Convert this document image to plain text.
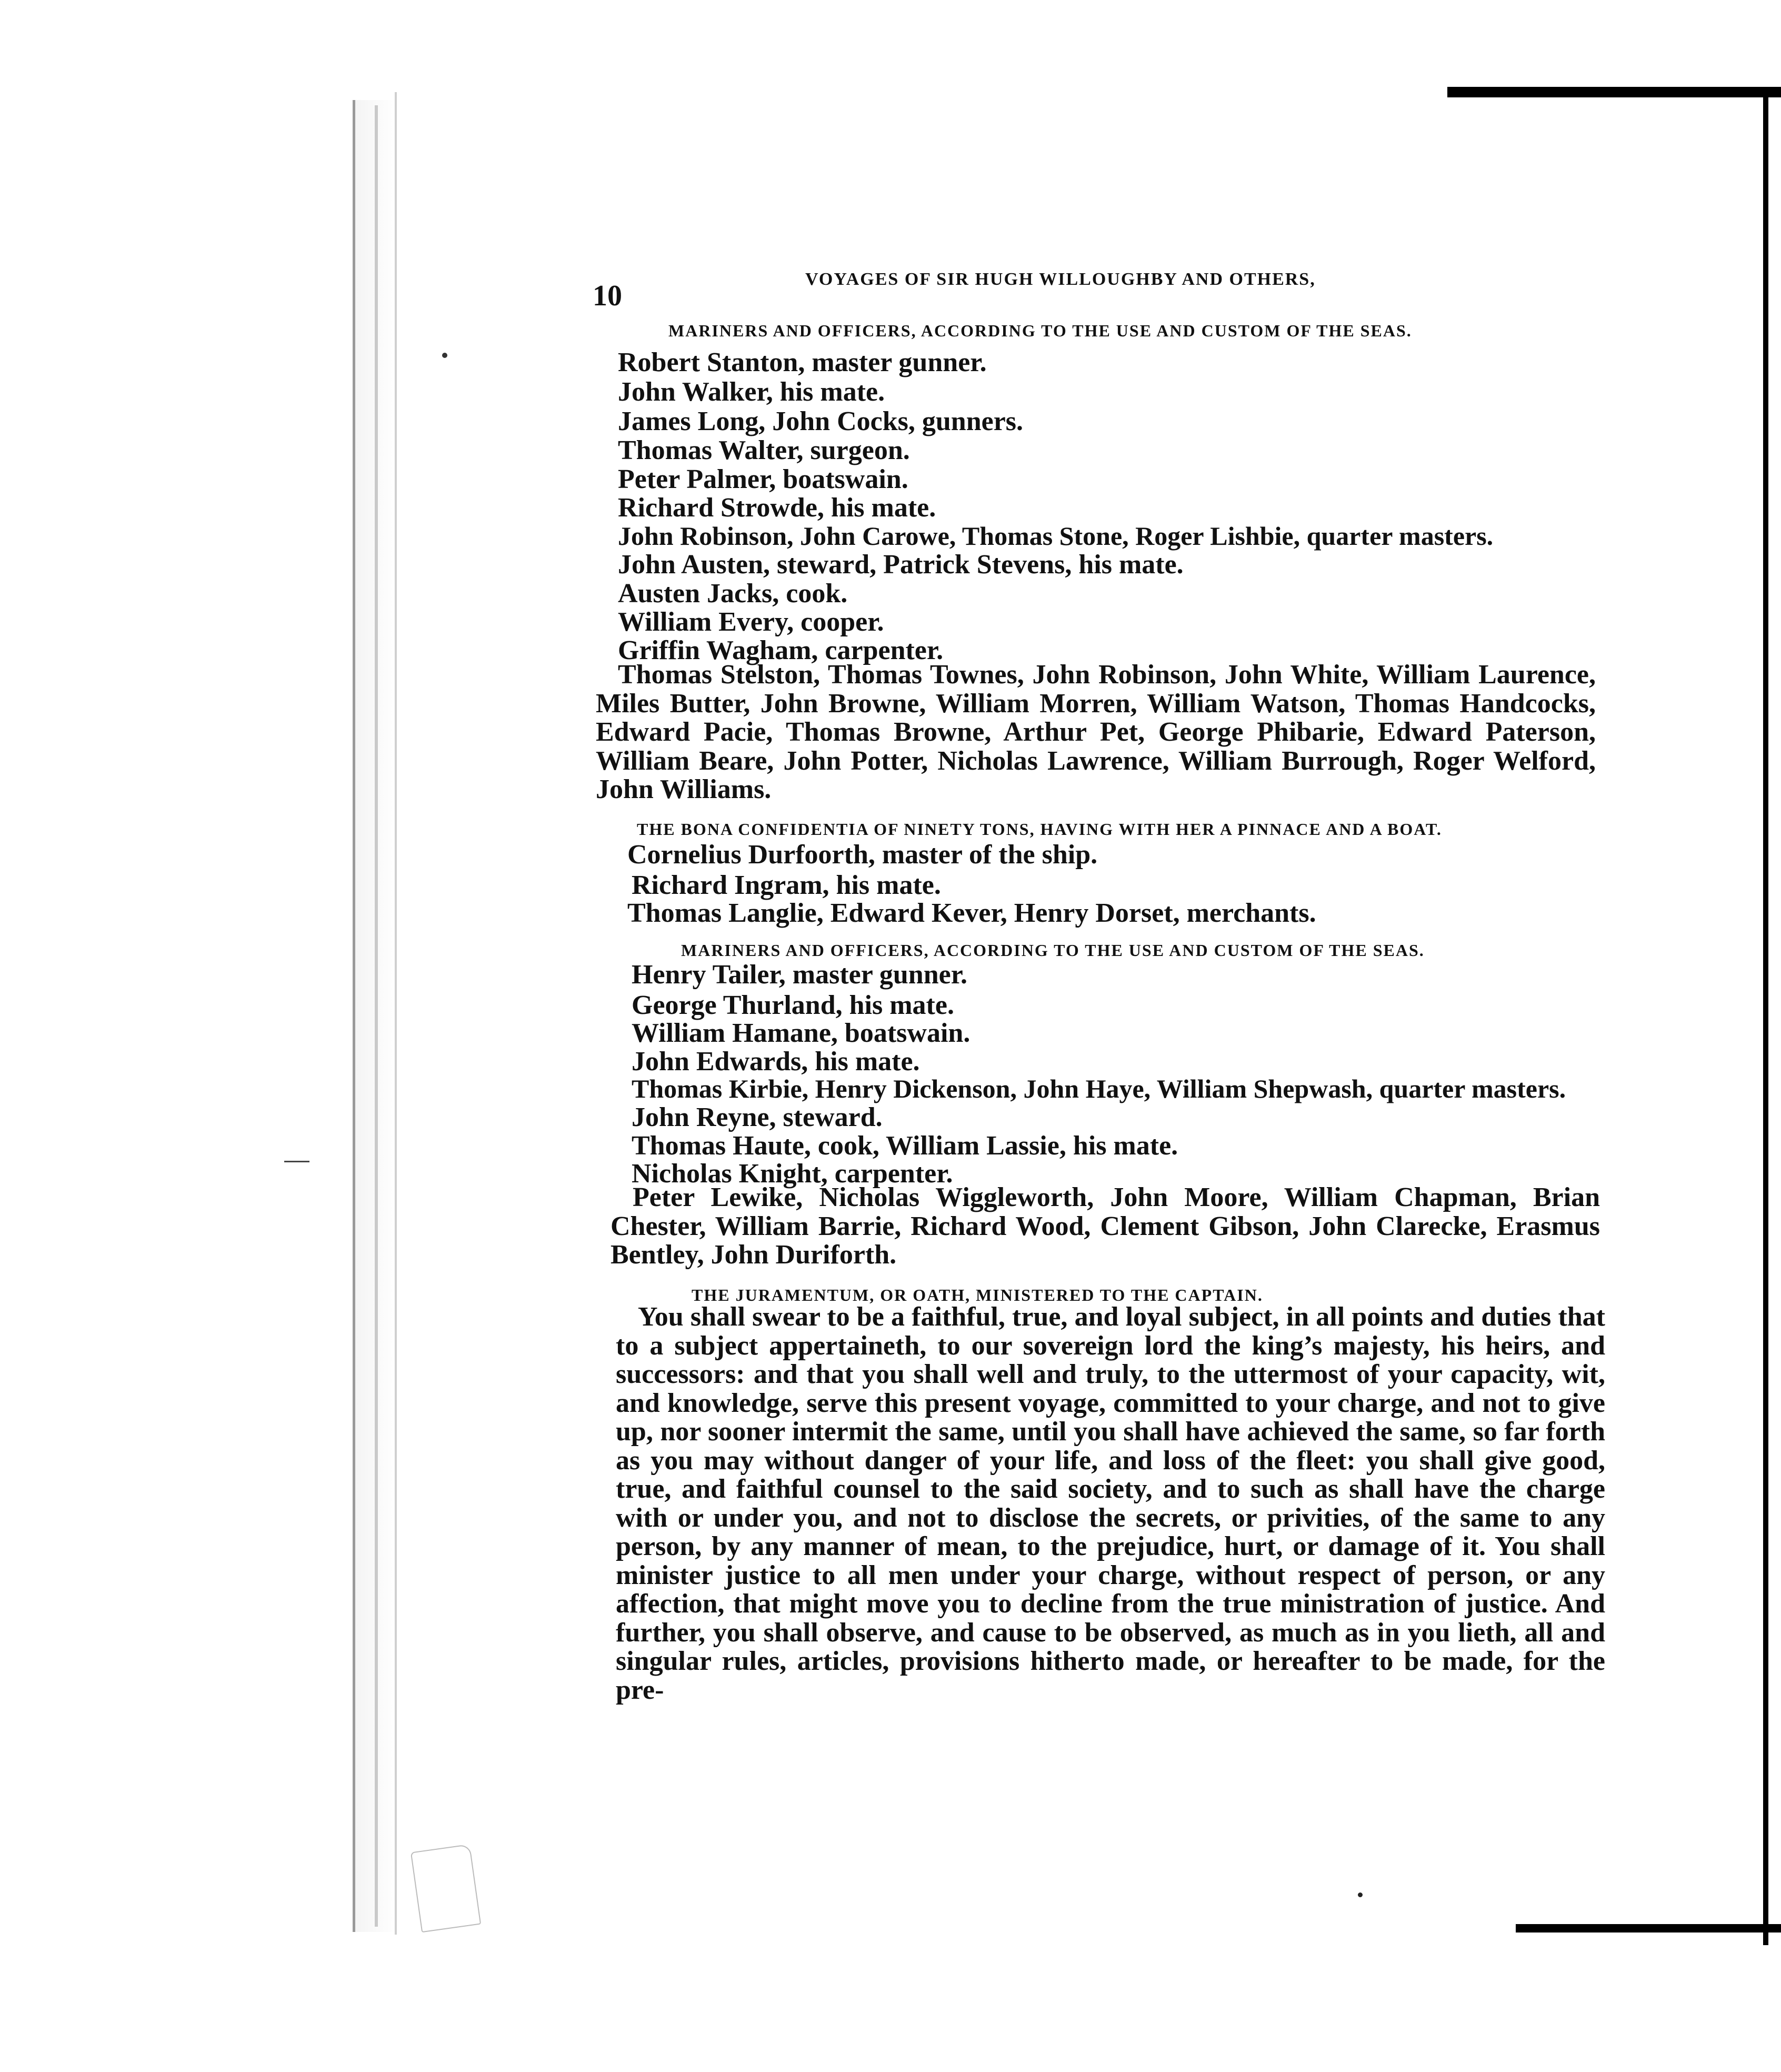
10
VOYAGES OF SIR HUGH WILLOUGHBY AND OTHERS,
MARINERS AND OFFICERS, ACCORDING TO THE USE AND CUSTOM OF THE SEAS.
Robert Stanton, master gunner.
John Walker, his mate.
James Long, John Cocks, gunners.
Thomas Walter, surgeon.
Peter Palmer, boatswain.
Richard Strowde, his mate.
John Robinson, John Carowe, Thomas Stone, Roger Lishbie, quarter masters.
John Austen, steward, Patrick Stevens, his mate.
Austen Jacks, cook.
William Every, cooper.
Griffin Wagham, carpenter.
Thomas Stelston, Thomas Townes, John Robinson, John White, William Laurence, Miles Butter, John Browne, William Morren, William Watson, Thomas Handcocks, Edward Pacie, Thomas Browne, Arthur Pet, George Phibarie, Edward Paterson, William Beare, John Potter, Nicholas Lawrence, William Burrough, Roger Welford, John Williams.
THE BONA CONFIDENTIA OF NINETY TONS, HAVING WITH HER A PINNACE AND A BOAT.
Cornelius Durfoorth, master of the ship.
Richard Ingram, his mate.
Thomas Langlie, Edward Kever, Henry Dorset, merchants.
MARINERS AND OFFICERS, ACCORDING TO THE USE AND CUSTOM OF THE SEAS.
Henry Tailer, master gunner.
George Thurland, his mate.
William Hamane, boatswain.
John Edwards, his mate.
Thomas Kirbie, Henry Dickenson, John Haye, William Shepwash, quarter masters.
John Reyne, steward.
Thomas Haute, cook, William Lassie, his mate.
Nicholas Knight, carpenter.
Peter Lewike, Nicholas Wiggleworth, John Moore, William Chapman, Brian Chester, William Barrie, Richard Wood, Clement Gibson, John Clarecke, Erasmus Bentley, John Duriforth.
THE JURAMENTUM, OR OATH, MINISTERED TO THE CAPTAIN.
You shall swear to be a faithful, true, and loyal subject, in all points and duties that to a subject appertaineth, to our sovereign lord the king’s majesty, his heirs, and successors: and that you shall well and truly, to the uttermost of your capacity, wit, and knowledge, serve this present voyage, committed to your charge, and not to give up, nor sooner intermit the same, until you shall have achieved the same, so far forth as you may without danger of your life, and loss of the fleet: you shall give good, true, and faithful counsel to the said society, and to such as shall have the charge with or under you, and not to disclose the secrets, or privities, of the same to any person, by any manner of mean, to the prejudice, hurt, or damage of it. You shall minister justice to all men under your charge, without respect of person, or any affection, that might move you to decline from the true ministration of justice. And further, you shall observe, and cause to be observed, as much as in you lieth, all and singular rules, articles, provisions hitherto made, or hereafter to be made, for the pre-
